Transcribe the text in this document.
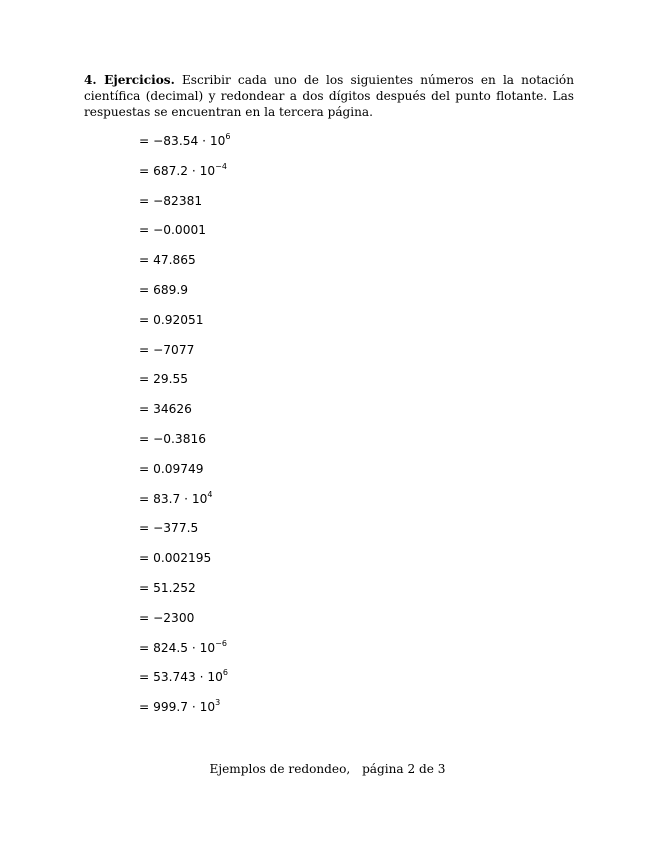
4. Ejercicios. Escribir cada uno de los siguientes números en la notación científica (decimal) y redondear a dos dígitos después del punto flotante. Las respuestas se encuentran en la tercera página.
= $-83.54 \cdot 10^6$
= $687.2 \cdot 10^{-4}$
= −82381
= −0.0001
= 47.865
= 689.9
= 0.92051
= −7077
= 29.55
= 34626
= −0.3816
= 0.09749
= $83.7 \cdot 10^4$
= −377.5
= 0.002195
= 51.252
= −2300
= $824.5 \cdot 10^{-6}$
= $53.743 \cdot 10^6$
= $999.7 \cdot 10^3$
Ejemplos de redondeo, página 2 de 3
